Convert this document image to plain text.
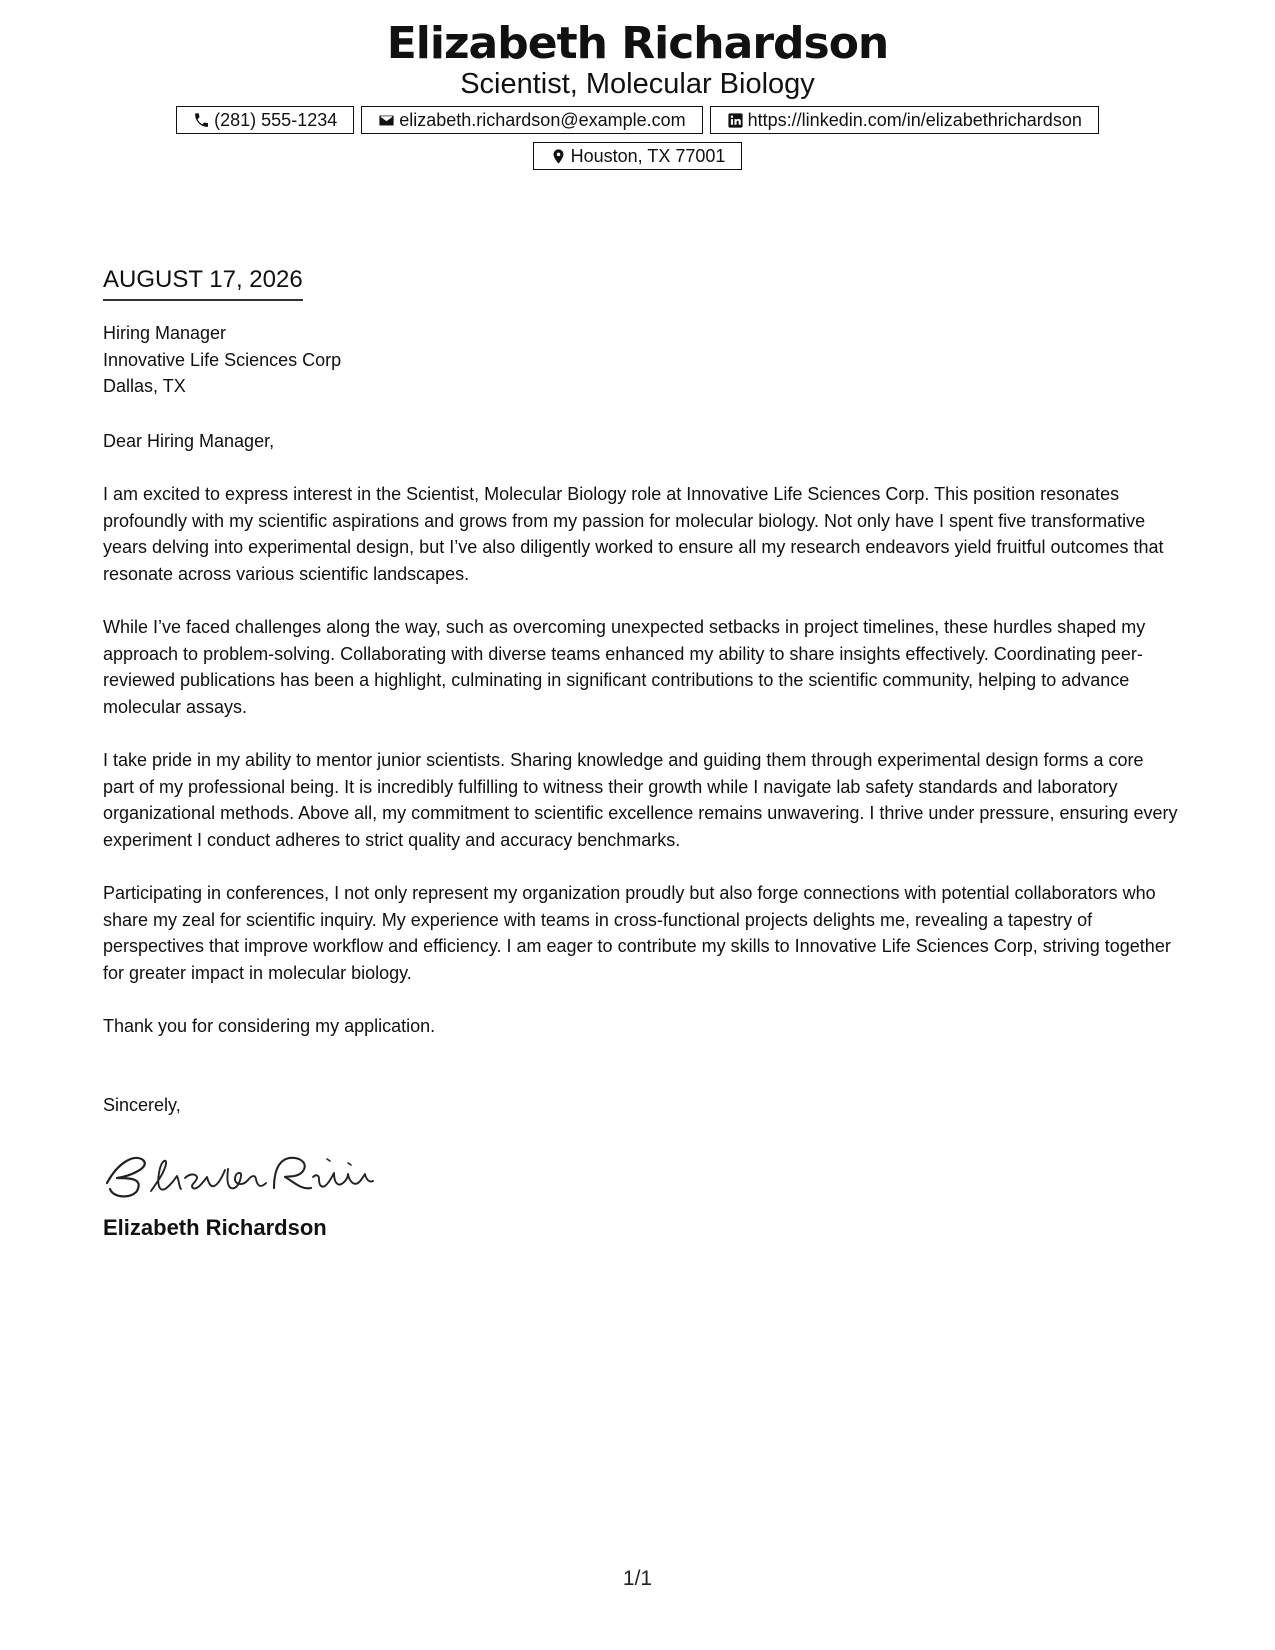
Elizabeth Richardson
Scientist, Molecular Biology
(281) 555-1234	elizabeth.richardson@example.com	https://linkedin.com/in/elizabethrichardson
Houston, TX 77001
AUGUST 17, 2026
Hiring Manager
Innovative Life Sciences Corp
Dallas, TX
Dear Hiring Manager,

I am excited to express interest in the Scientist, Molecular Biology role at Innovative Life Sciences Corp. This position resonates profoundly with my scientific aspirations and grows from my passion for molecular biology. Not only have I spent five transformative years delving into experimental design, but I’ve also diligently worked to ensure all my research endeavors yield fruitful outcomes that resonate across various scientific landscapes.

While I’ve faced challenges along the way, such as overcoming unexpected setbacks in project timelines, these hurdles shaped my approach to problem-solving. Collaborating with diverse teams enhanced my ability to share insights effectively. Coordinating peer-reviewed publications has been a highlight, culminating in significant contributions to the scientific community, helping to advance molecular assays.

I take pride in my ability to mentor junior scientists. Sharing knowledge and guiding them through experimental design forms a core part of my professional being. It is incredibly fulfilling to witness their growth while I navigate lab safety standards and laboratory organizational methods. Above all, my commitment to scientific excellence remains unwavering. I thrive under pressure, ensuring every experiment I conduct adheres to strict quality and accuracy benchmarks.

Participating in conferences, I not only represent my organization proudly but also forge connections with potential collaborators who share my zeal for scientific inquiry. My experience with teams in cross-functional projects delights me, revealing a tapestry of perspectives that improve workflow and efficiency. I am eager to contribute my skills to Innovative Life Sciences Corp, striving together for greater impact in molecular biology.

Thank you for considering my application.
Sincerely,
Elizabeth Richardson
1/1
